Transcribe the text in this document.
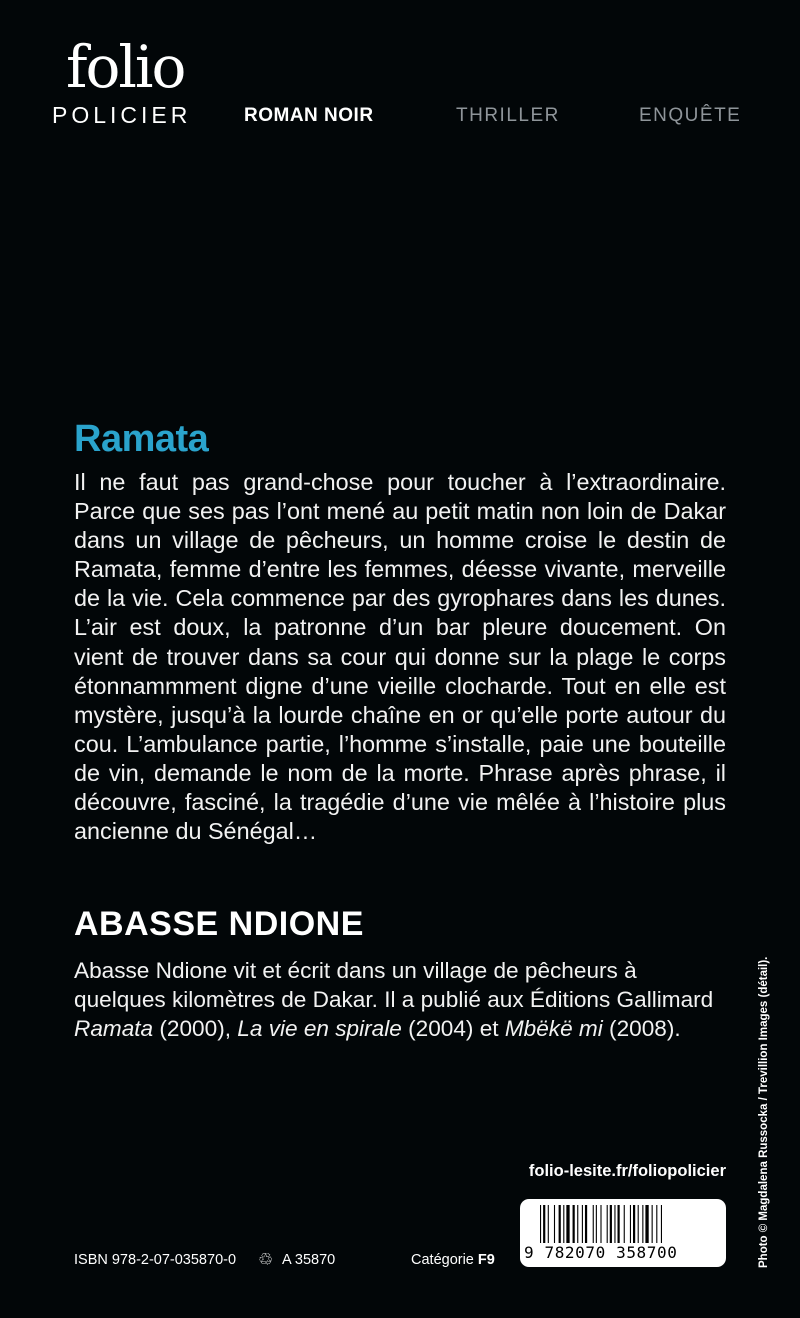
folio
POLICIER	ROMAN NOIR	THRILLER	ENQUÊTE
Ramata
Il ne faut pas grand-chose pour toucher à l’extraordinaire. Parce que ses pas l’ont mené au petit matin non loin de Dakar dans un village de pêcheurs, un homme croise le destin de Ramata, femme d’entre les femmes, déesse vivante, merveille de la vie. Cela commence par des gyrophares dans les dunes. L’air est doux, la patronne d’un bar pleure doucement. On vient de trouver dans sa cour qui donne sur la plage le corps étonnammment digne d’une vieille clocharde. Tout en elle est mystère, jusqu’à la lourde chaîne en or qu’elle porte autour du cou. L’ambulance partie, l’homme s’installe, paie une bouteille de vin, demande le nom de la morte. Phrase après phrase, il découvre, fasciné, la tragédie d’une vie mêlée à l’histoire plus ancienne du Sénégal…
ABASSE NDIONE
Abasse Ndione vit et écrit dans un village de pêcheurs à quelques kilomètres de Dakar. Il a publié aux Éditions Gallimard Ramata (2000), La vie en spirale (2004) et Mbëkë mi (2008).	Photo © Magdalena Russocka / Trevillion Images (détail).
folio-lesite.fr/foliopolicier
9 782070 358700
ISBN 978-2-07-035870-0 ♲ A 35870	Catégorie F9
